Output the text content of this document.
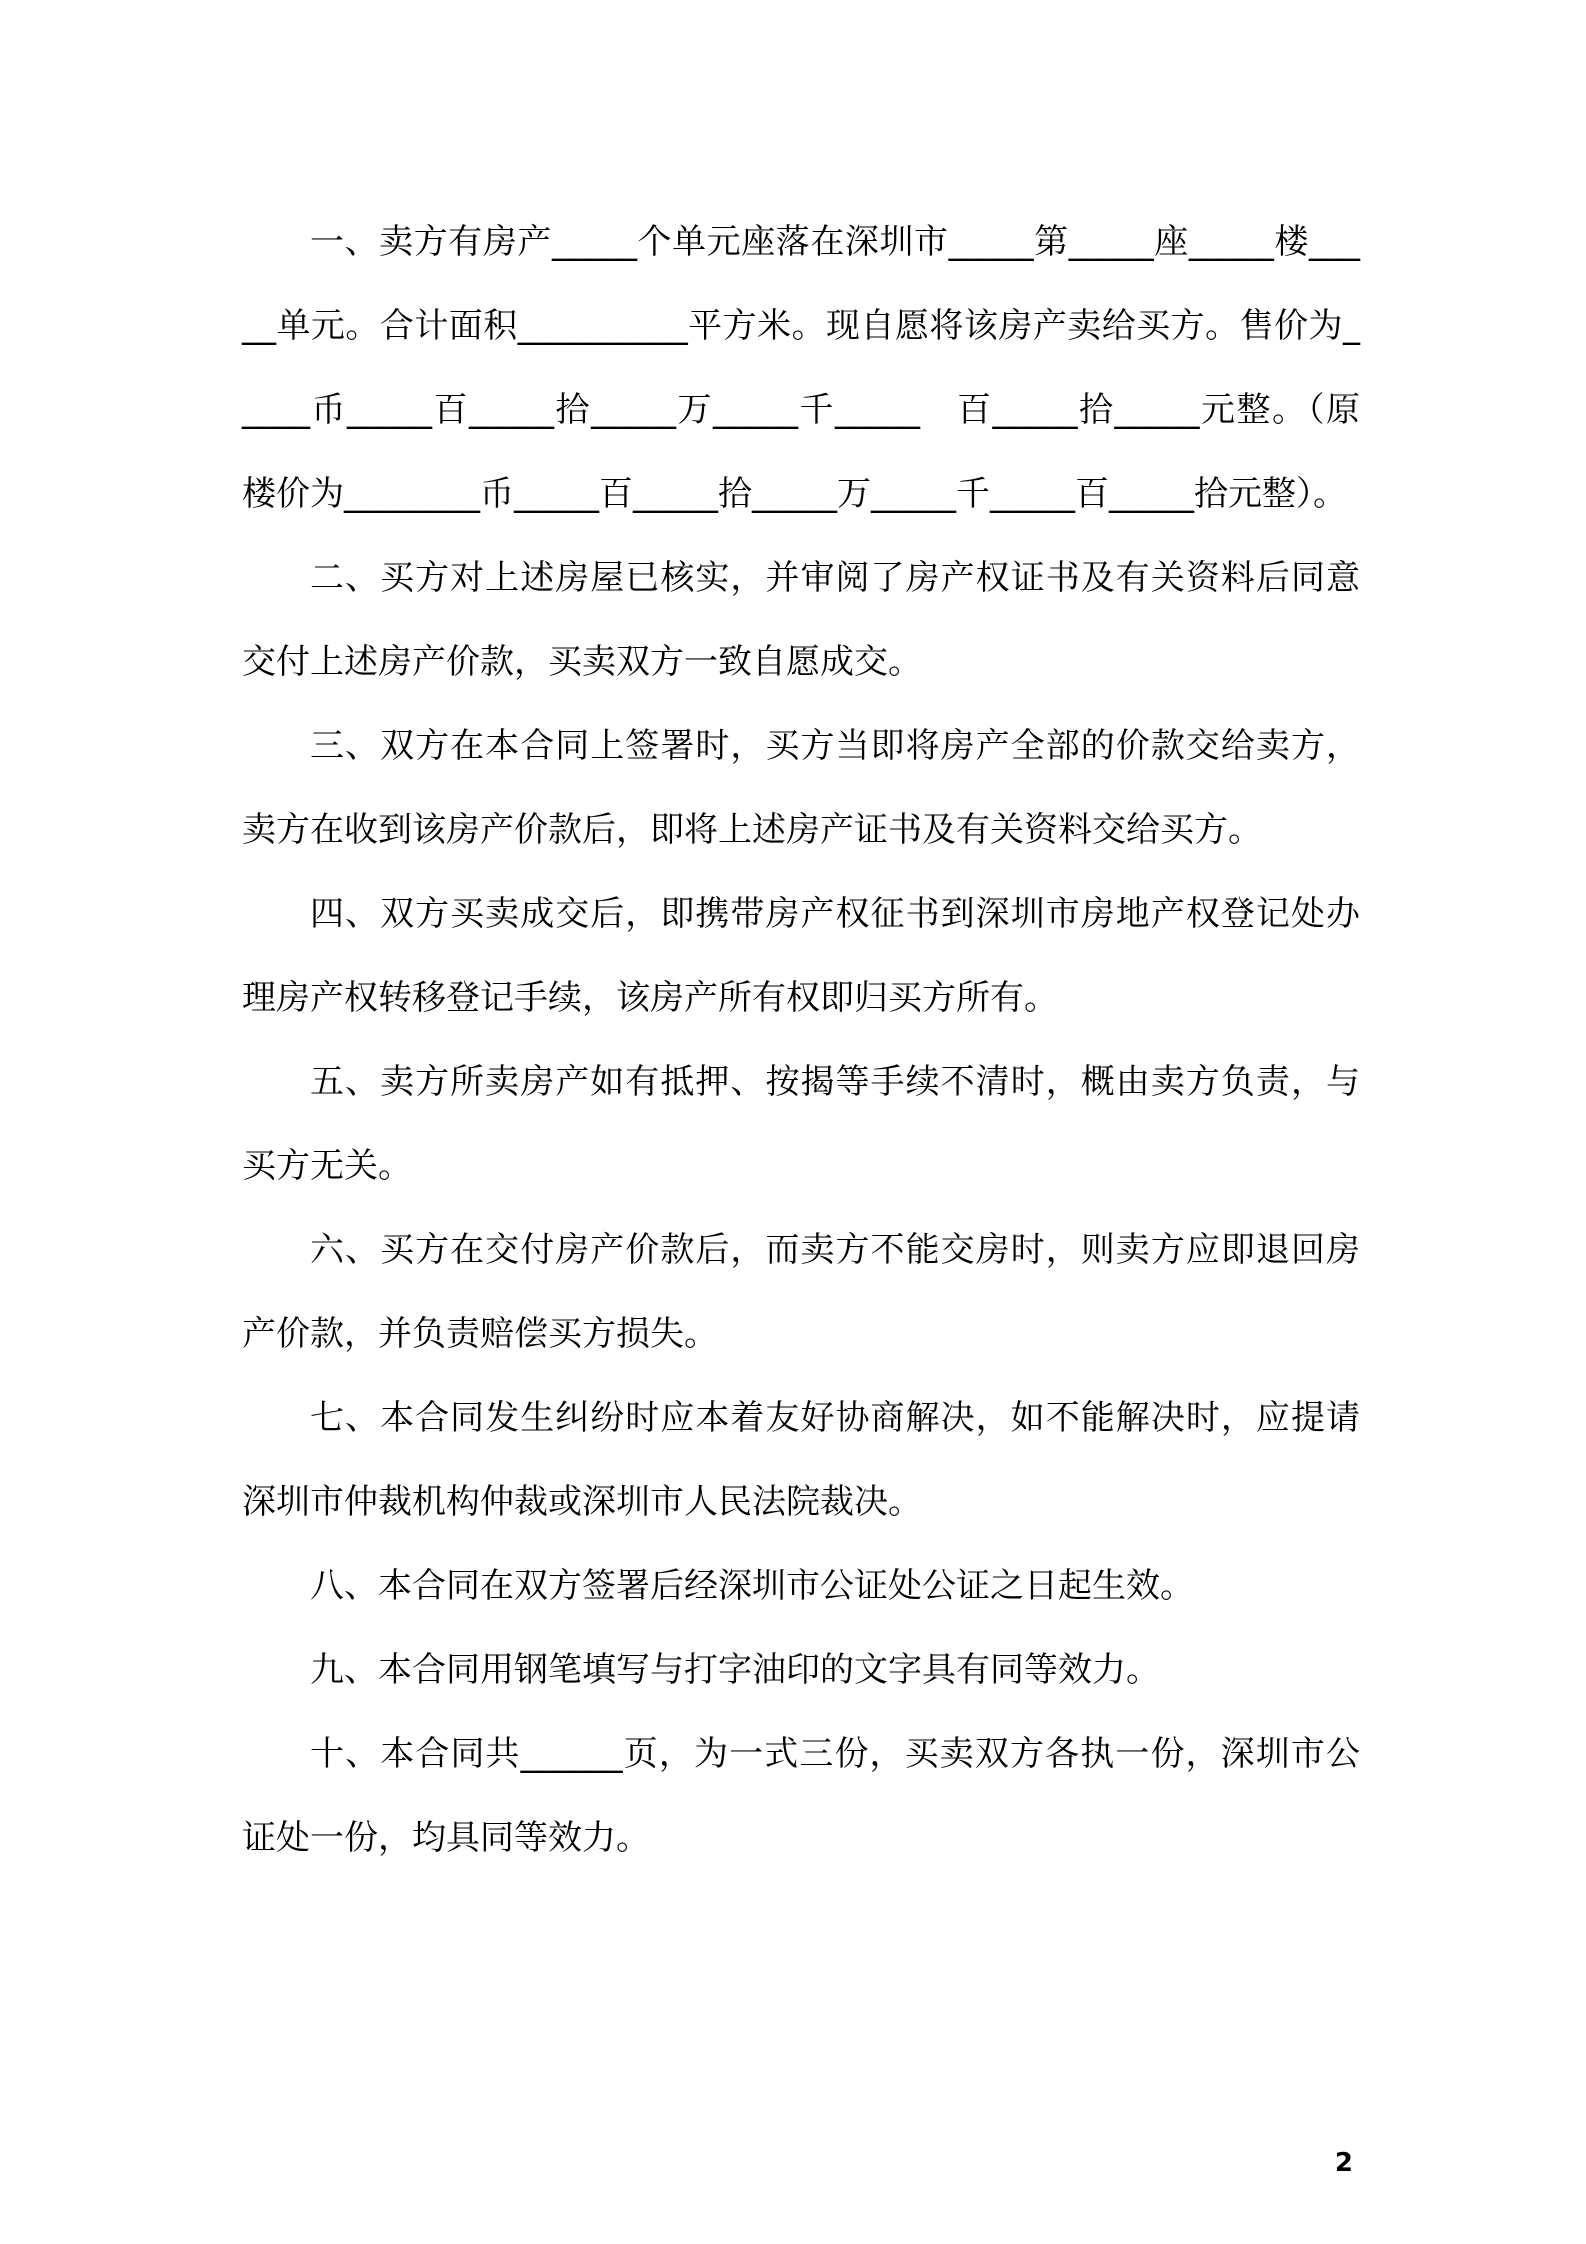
一、卖方有房产_____个单元座落在深圳市_____第_____座_____楼_____单元。合计面积__________平方米。现自愿将该房产卖给买方。售价为_____币_____百_____拾_____万_____千_____　百_____拾_____元整。（原楼价为________币_____百_____拾_____万_____千_____百_____拾元整）。

二、买方对上述房屋已核实，并审阅了房产权证书及有关资料后同意交付上述房产价款，买卖双方一致自愿成交。

三、双方在本合同上签署时，买方当即将房产全部的价款交给卖方，卖方在收到该房产价款后，即将上述房产证书及有关资料交给买方。

四、双方买卖成交后，即携带房产权征书到深圳市房地产权登记处办理房产权转移登记手续，该房产所有权即归买方所有。

五、卖方所卖房产如有抵押、按揭等手续不清时，概由卖方负责，与买方无关。

六、买方在交付房产价款后，而卖方不能交房时，则卖方应即退回房产价款，并负责赔偿买方损失。

七、本合同发生纠纷时应本着友好协商解决，如不能解决时，应提请深圳市仲裁机构仲裁或深圳市人民法院裁决。

八、本合同在双方签署后经深圳市公证处公证之日起生效。

九、本合同用钢笔填写与打字油印的文字具有同等效力。

十、本合同共______页，为一式三份，买卖双方各执一份，深圳市公证处一份，均具同等效力。

2
